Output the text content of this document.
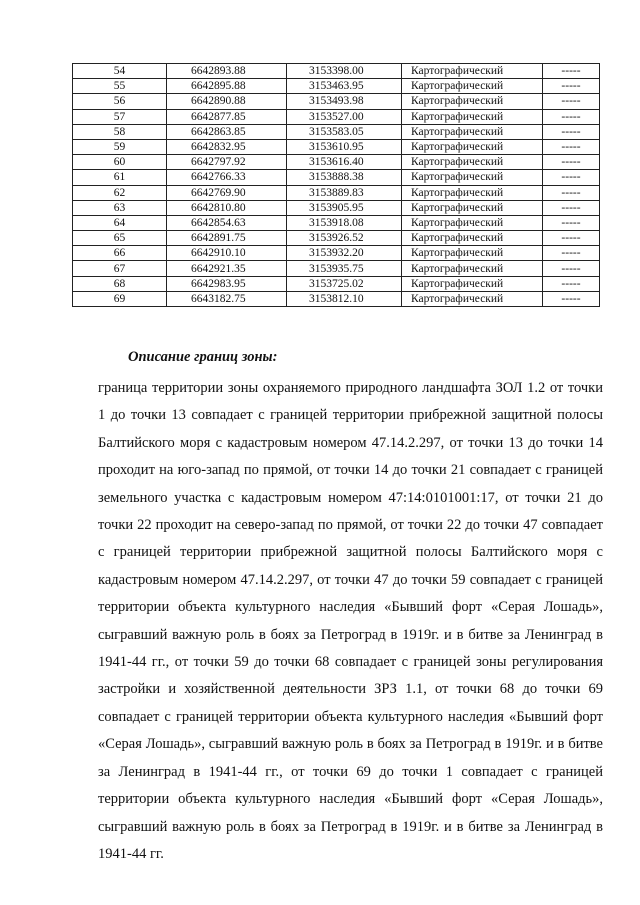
54	6642893.88	3153398.00	Картографический	-----
55	6642895.88	3153463.95	Картографический	-----
56	6642890.88	3153493.98	Картографический	-----
57	6642877.85	3153527.00	Картографический	-----
58	6642863.85	3153583.05	Картографический	-----
59	6642832.95	3153610.95	Картографический	-----
60	6642797.92	3153616.40	Картографический	-----
61	6642766.33	3153888.38	Картографический	-----
62	6642769.90	3153889.83	Картографический	-----
63	6642810.80	3153905.95	Картографический	-----
64	6642854.63	3153918.08	Картографический	-----
65	6642891.75	3153926.52	Картографический	-----
66	6642910.10	3153932.20	Картографический	-----
67	6642921.35	3153935.75	Картографический	-----
68	6642983.95	3153725.02	Картографический	-----
69	6643182.75	3153812.10	Картографический	-----
Описание границ зоны:

граница территории зоны охраняемого природного ландшафта ЗОЛ 1.2 от точки 1 до точки 13 совпадает с границей территории прибрежной защитной полосы Балтийского моря с кадастровым номером 47.14.2.297, от точки 13 до точки 14 проходит на юго-запад по прямой, от точки 14 до точки 21 совпадает с границей земельного участка с кадастровым номером 47:14:0101001:17, от точки 21 до точки 22 проходит на северо-запад по прямой, от точки 22 до точки 47 совпадает с границей территории прибрежной защитной полосы Балтийского моря с кадастровым номером 47.14.2.297, от точки 47 до точки 59 совпадает с границей территории объекта культурного наследия «Бывший форт «Серая Лошадь», сыгравший важную роль в боях за Петроград в 1919г. и в битве за Ленинград в 1941-44 гг., от точки 59 до точки 68 совпадает с границей зоны регулирования застройки и хозяйственной деятельности ЗРЗ 1.1, от точки 68 до точки 69 совпадает с границей территории объекта культурного наследия «Бывший форт «Серая Лошадь», сыгравший важную роль в боях за Петроград в 1919г. и в битве за Ленинград в 1941-44 гг., от точки 69 до точки 1 совпадает с границей территории объекта культурного наследия «Бывший форт «Серая Лошадь», сыгравший важную роль в боях за Петроград в 1919г. и в битве за Ленинград в 1941-44 гг.
